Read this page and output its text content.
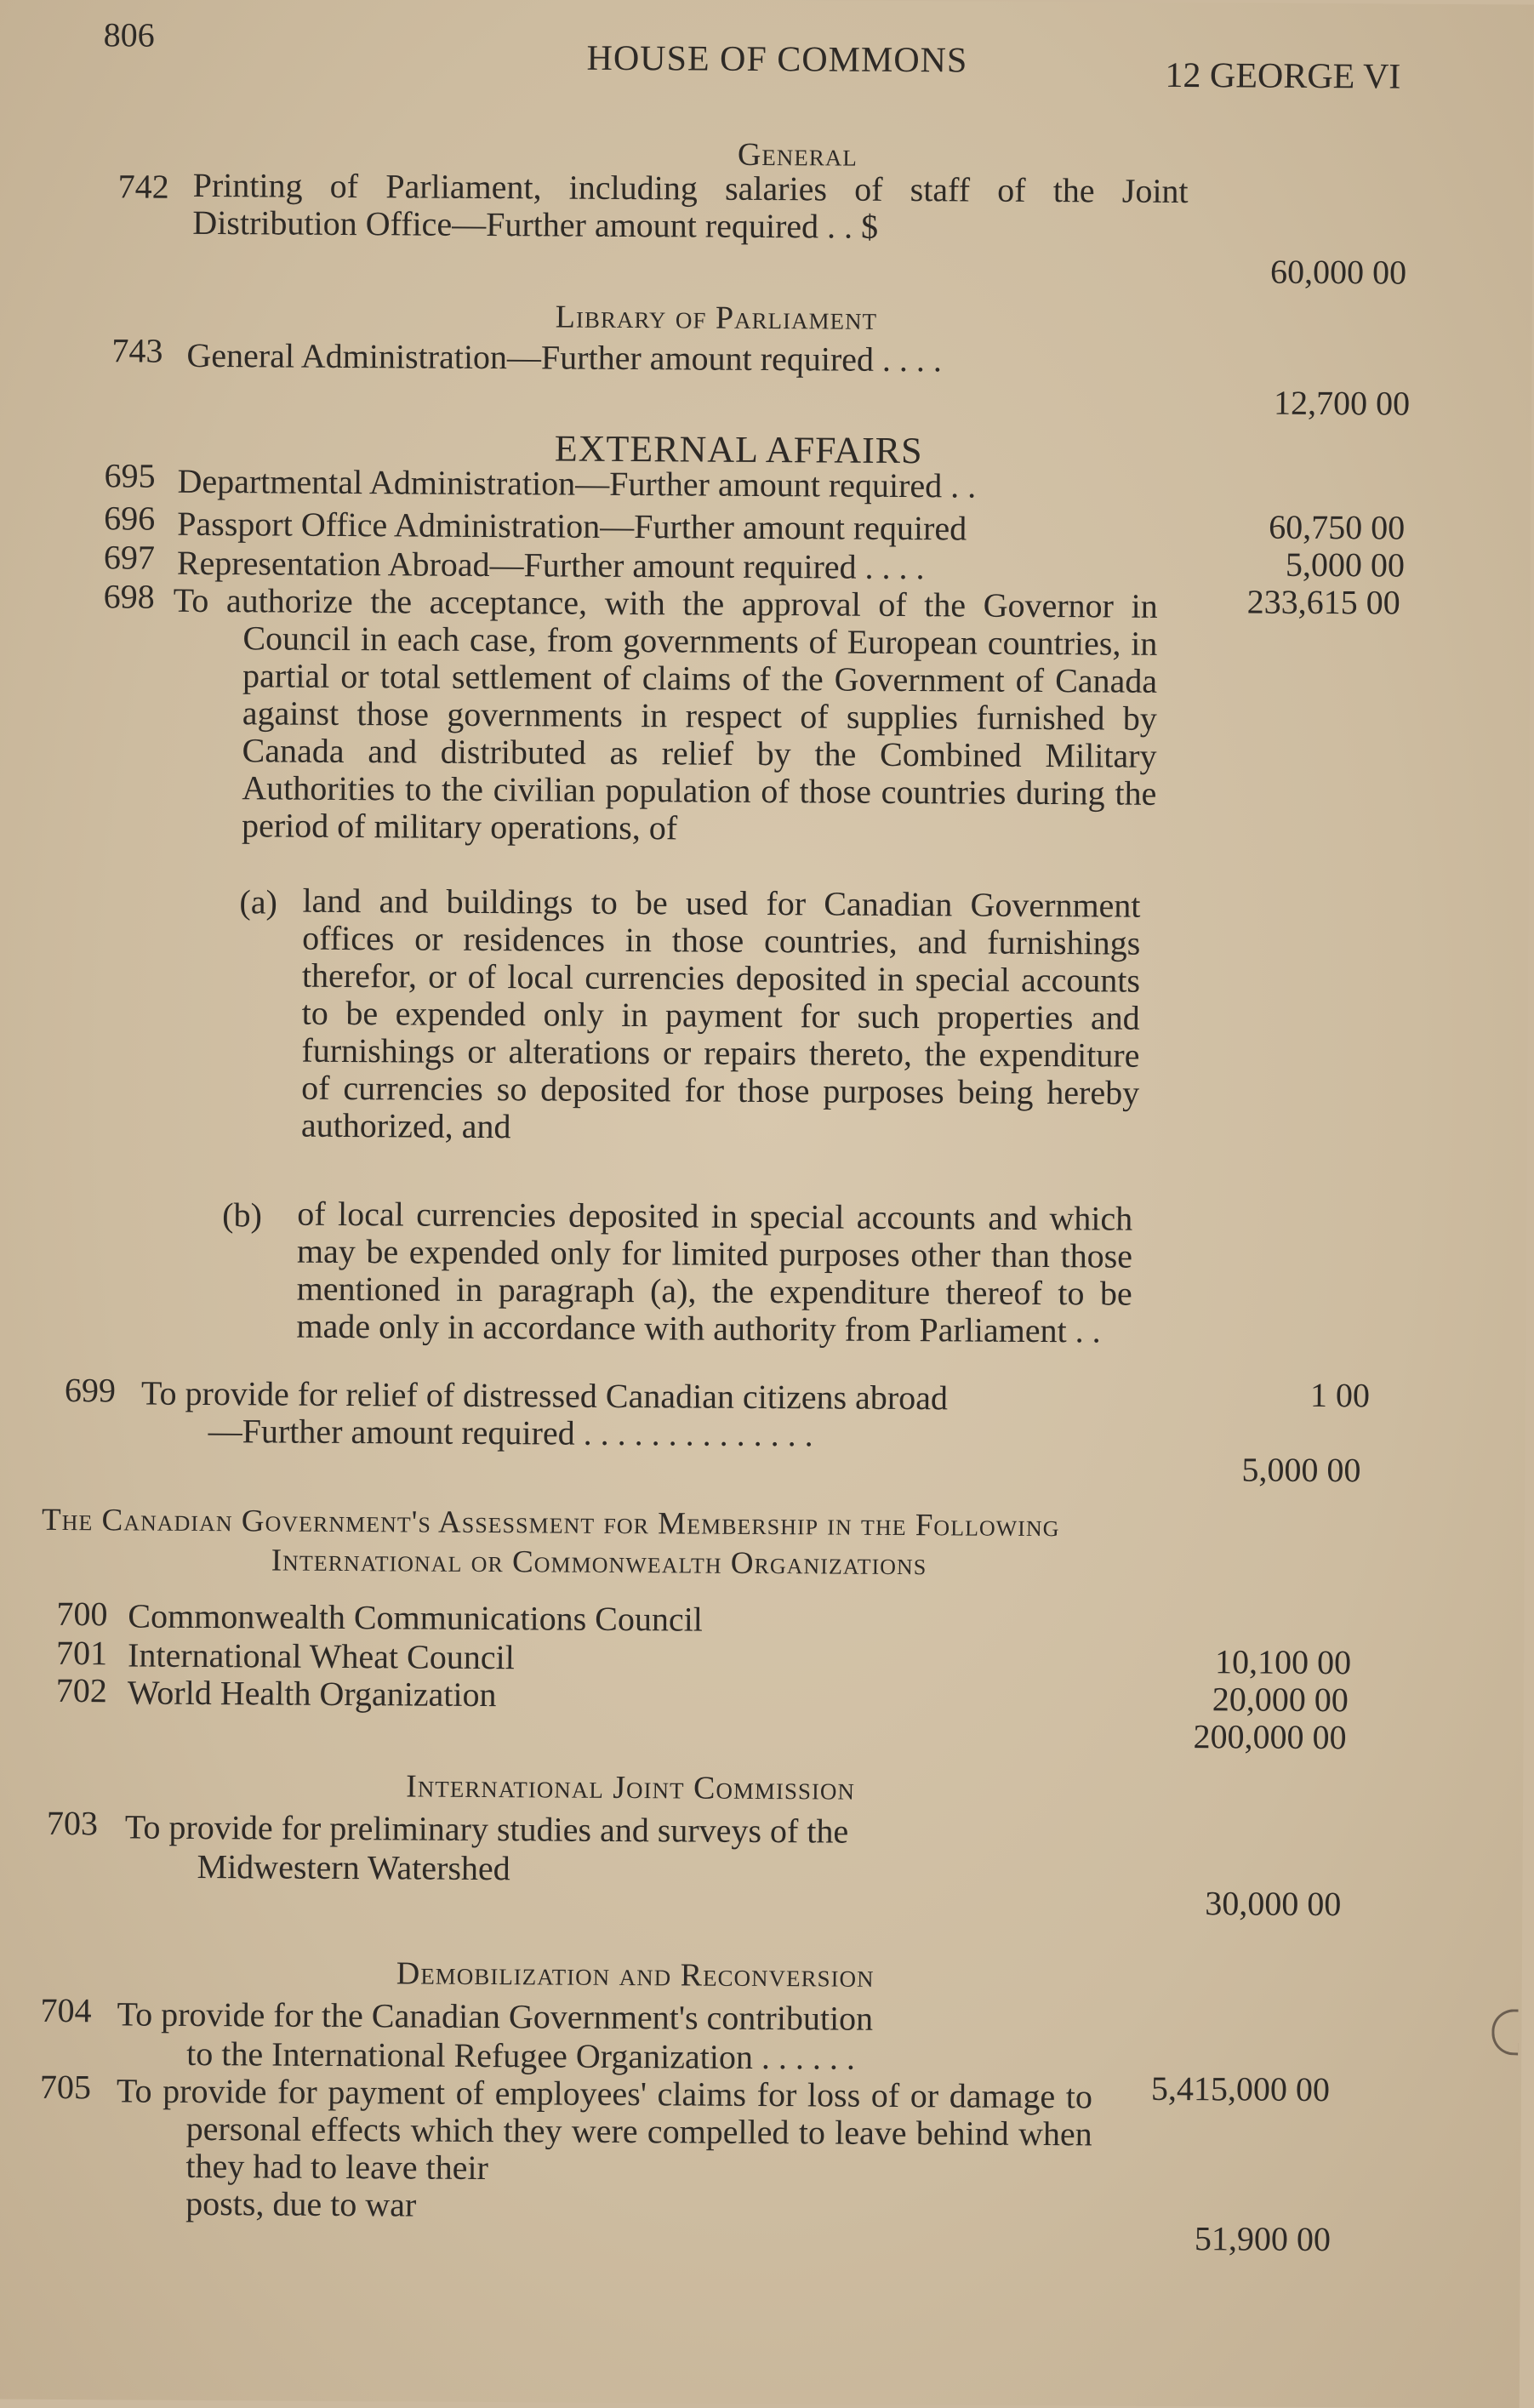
806
HOUSE OF COMMONS	12 GEORGE VI
General
742 Printing of Parliament, including salaries of staff of the Joint Distribution Office—Further amount required . . $
60,000 00
Library of Parliament
743 General Administration—Further amount required . . . .
12,700 00
EXTERNAL AFFAIRS
695 Departmental Administration—Further amount required . .
60,750 00
696 Passport Office Administration—Further amount required
5,000 00
697 Representation Abroad—Further amount required . . . .
233,615 00
698 To authorize the acceptance, with the approval of the Governor in Council in each case, from governments of European countries, in partial or total settlement of claims of the Government of Canada against those governments in respect of supplies furnished by Canada and distributed as relief by the Combined Military Authorities to the civilian population of those countries during the period of military operations, of
(a) land and buildings to be used for Canadian Government offices or residences in those countries, and furnishings therefor, or of local currencies deposited in special accounts to be expended only in payment for such properties and furnishings or alterations or repairs thereto, the expenditure of currencies so deposited for those purposes being hereby authorized, and
(b) of local currencies deposited in special accounts and which may be expended only for limited purposes other than those mentioned in paragraph (a), the expenditure thereof to be made only in accordance with authority from Parliament . .
1 00
699 To provide for relief of distressed Canadian citizens abroad
—Further amount required . . . . . . . . . . . . . .
5,000 00
The Canadian Government's Assessment for Membership in the Following
International or Commonwealth Organizations
700 Commonwealth Communications Council
10,100 00
701 International Wheat Council
20,000 00
702 World Health Organization
200,000 00
International Joint Commission
703 To provide for preliminary studies and surveys of the
Midwestern Watershed
30,000 00
Demobilization and Reconversion
704 To provide for the Canadian Government's contribution
to the International Refugee Organization . . . . . .
5,415,000 00
705 To provide for payment of employees' claims for loss of or damage to personal effects which they were compelled to leave behind when they had to leave their
posts, due to war
51,900 00
